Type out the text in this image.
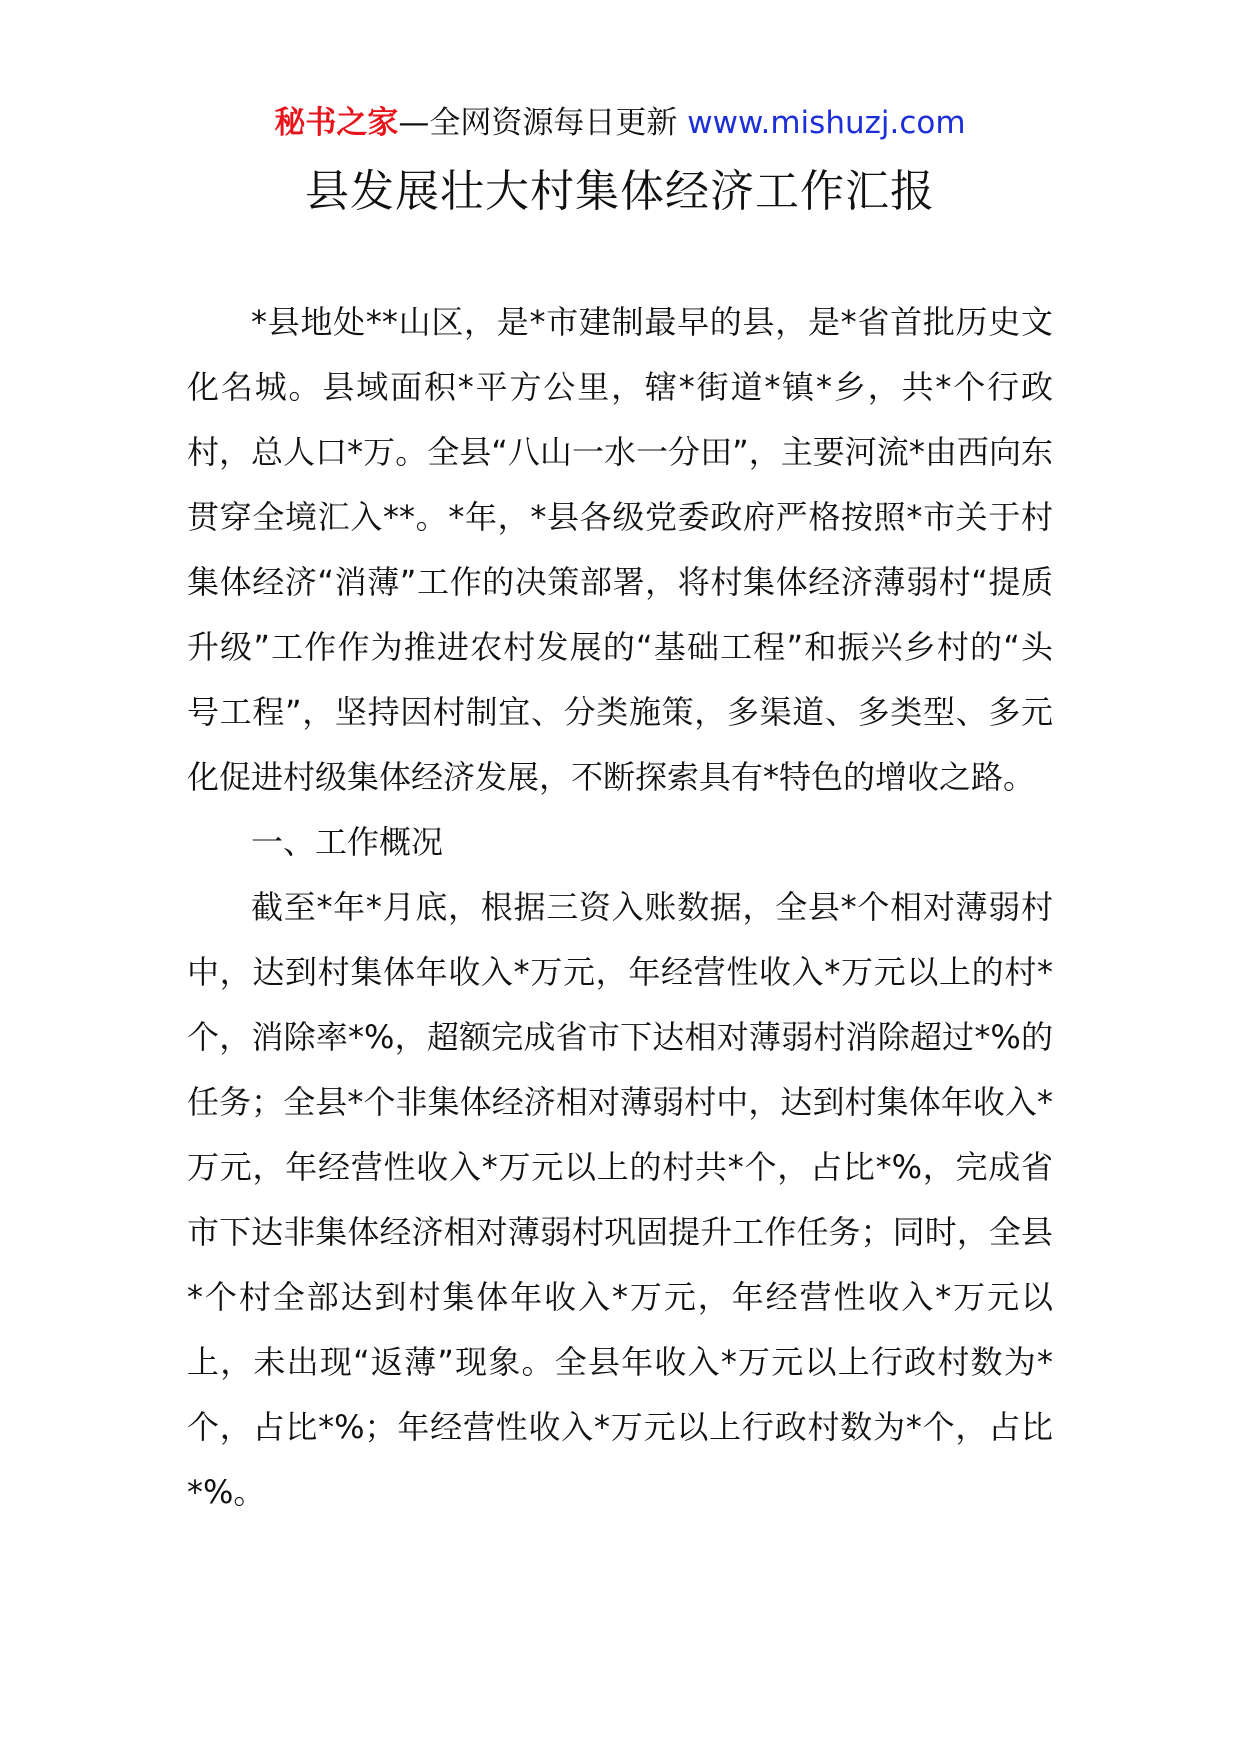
秘书之家—全网资源每日更新 www.mishuzj.com
县发展壮大村集体经济工作汇报

*县地处**山区，是*市建制最早的县，是*省首批历史文化名城。县域面积*平方公里，辖*街道*镇*乡，共*个行政村，总人口*万。全县“八山一水一分田”，主要河流*由西向东贯穿全境汇入**。*年，*县各级党委政府严格按照*市关于村集体经济“消薄”工作的决策部署，将村集体经济薄弱村“提质升级”工作作为推进农村发展的“基础工程”和振兴乡村的“头号工程”，坚持因村制宜、分类施策，多渠道、多类型、多元化促进村级集体经济发展，不断探索具有*特色的增收之路。

一、工作概况

截至*年*月底，根据三资入账数据，全县*个相对薄弱村中，达到村集体年收入*万元，年经营性收入*万元以上的村*个，消除率*%，超额完成省市下达相对薄弱村消除超过*%的任务；全县*个非集体经济相对薄弱村中，达到村集体年收入*万元，年经营性收入*万元以上的村共*个，占比*%，完成省市下达非集体经济相对薄弱村巩固提升工作任务；同时，全县*个村全部达到村集体年收入*万元，年经营性收入*万元以上，未出现“返薄”现象。全县年收入*万元以上行政村数为*个，占比*%；年经营性收入*万元以上行政村数为*个，占比*%。
